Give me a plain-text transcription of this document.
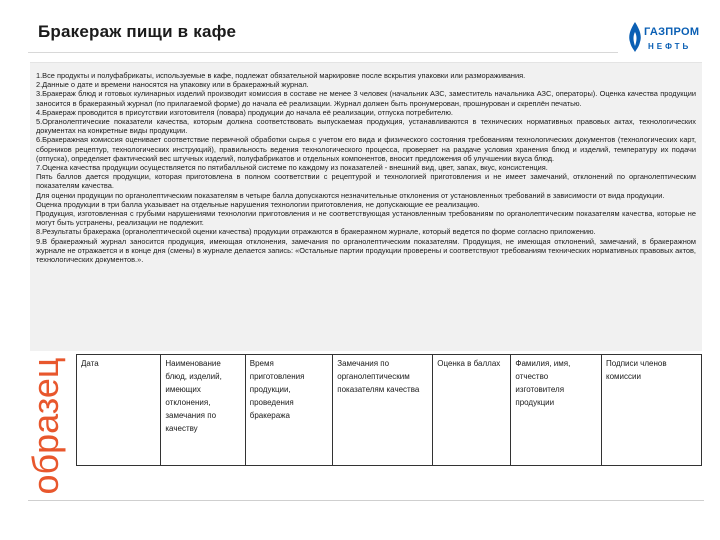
Бракераж пищи в кафе	ГАЗПРОМ
НЕФТЬ

1.Все продукты и полуфабрикаты, используемые в кафе, подлежат обязательной маркировке после вскрытия упаковки или размораживания.

2.Данные о дате и времени наносятся на упаковку или в бракеражный журнал.

3.Бракераж блюд и готовых кулинарных изделий производит комиссия в составе не менее 3 человек (начальник АЗС, заместитель начальника АЗС, операторы). Оценка качества продукции заносится в бракеражный журнал (по прилагаемой форме) до начала её реализации. Журнал должен быть пронумерован, прошнурован и скреплён печатью.

4.Бракераж проводится в присутствии изготовителя (повара) продукции до начала её реализации, отпуска потребителю.

5.Органолептические показатели качества, которым должна соответствовать выпускаемая продукция, устанавливаются в технических нормативных правовых актах, технологических документах на конкретные виды продукции.

6.Бракеражная комиссия оценивает соответствие первичной обработки сырья с учетом его вида и физического состояния требованиям технологических документов (технологических карт, сборников рецептур, технологических инструкций), правильность ведения технологического процесса, проверяет на раздаче условия хранения блюд и изделий, температуру их подачи (отпуска), определяет фактический вес штучных изделий, полуфабрикатов и отдельных компонентов, вносит предложения об улучшении вкуса блюд.

7.Оценка качества продукции осуществляется по пятибалльной системе по каждому из показателей - внешний вид, цвет, запах, вкус, консистенция.

Пять баллов дается продукции, которая приготовлена в полном соответствии с рецептурой и технологией приготовления и не имеет замечаний, отклонений по органолептическим показателям качества.

Для оценки продукции по органолептическим показателям в четыре балла допускаются незначительные отклонения от установленных требований в зависимости от вида продукции.

Оценка продукции в три балла указывает на отдельные нарушения технологии приготовления, не допускающие ее реализацию.

Продукция, изготовленная с грубыми нарушениями технологии приготовления и не соответствующая установленным требованиям по органолептическим показателям качества, которые не могут быть устранены, реализации не подлежит.

8.Результаты бракеража (органолептической оценки качества) продукции отражаются в бракеражном журнале, который ведется по форме согласно приложению.

9.В бракеражный журнал заносится продукция, имеющая отклонения, замечания по органолептическим показателям. Продукция, не имеющая отклонений, замечаний, в бракеражном журнале не отражается и в конце дня (смены) в журнале делается запись: «Остальные партии продукции проверены и соответствуют требованиям технических нормативных правовых актов, технологических документов.».

образец Дата	Наименование блюд, изделий, имеющих отклонения, замечания по качеству	Время приготовления продукции, проведения бракеража	Замечания по органолептическим показателям качества	Оценка в баллах	Фамилия, имя, отчество изготовителя продукции	Подписи членов комиссии
